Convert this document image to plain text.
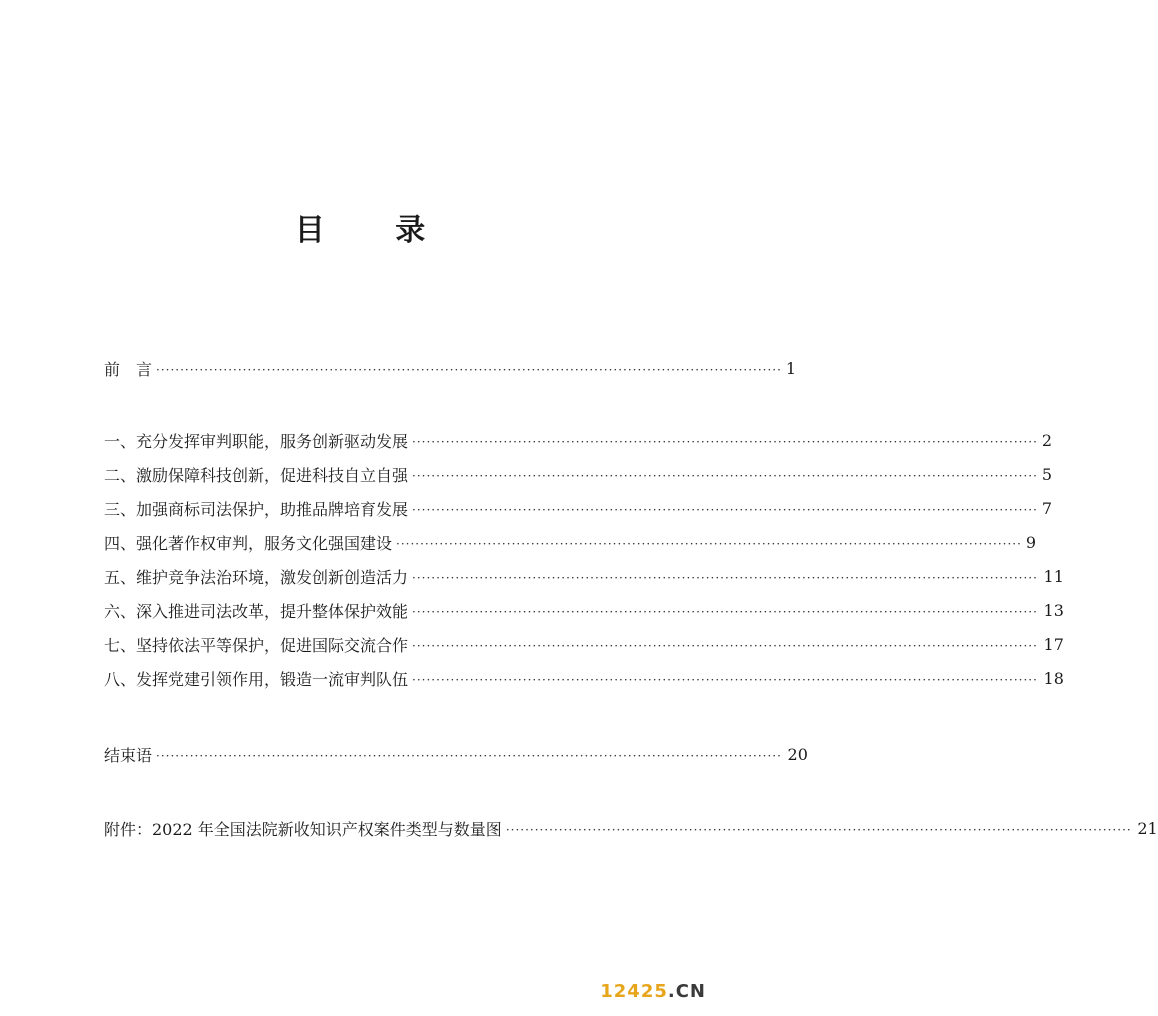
目 录
前　言 ·································································································································· 1
一、充分发挥审判职能，服务创新驱动发展 ·································································································································· 2
二、激励保障科技创新，促进科技自立自强 ·································································································································· 5
三、加强商标司法保护，助推品牌培育发展 ·································································································································· 7
四、强化著作权审判，服务文化强国建设 ·································································································································· 9
五、维护竞争法治环境，激发创新创造活力 ·································································································································· 11
六、深入推进司法改革，提升整体保护效能 ·································································································································· 13
七、坚持依法平等保护，促进国际交流合作 ·································································································································· 17
八、发挥党建引领作用，锻造一流审判队伍 ·································································································································· 18
结束语 ·································································································································· 20
附件：2022 年全国法院新收知识产权案件类型与数量图 ·································································································································· 21
12425.CN
